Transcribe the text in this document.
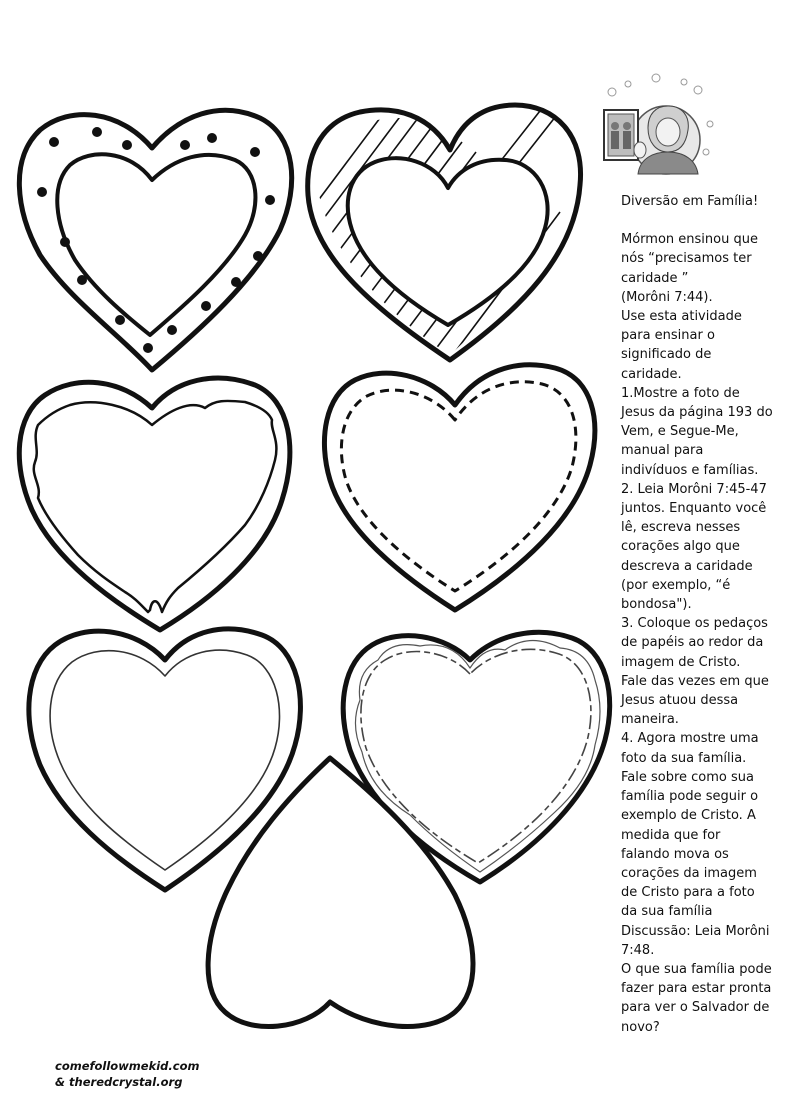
Diversão em Família!

Mórmon ensinou que

nós “precisamos ter

caridade ”

(Morôni 7:44).

Use esta atividade

para ensinar o

significado de

caridade.

1.Mostre a foto de

Jesus da página 193 do

Vem, e Segue-Me,

manual para

indivíduos e famílias.

2. Leia Morôni 7:45-47

juntos. Enquanto você

lê, escreva nesses

corações algo que

descreva a caridade

(por exemplo, “é

bondosa").

3. Coloque os pedaços

de papéis ao redor da

imagem de Cristo.

Fale das vezes em que

Jesus atuou dessa

maneira.

4. Agora mostre uma

foto da sua família.

Fale sobre como sua

família pode seguir o

exemplo de Cristo. A

medida que for

falando mova os

corações da imagem

de Cristo para a foto

da sua família

Discussão: Leia Morôni

7:48.

O que sua família pode

fazer para estar pronta

para ver o Salvador de

novo?

comefollowmekid.com
& theredcrystal.org
